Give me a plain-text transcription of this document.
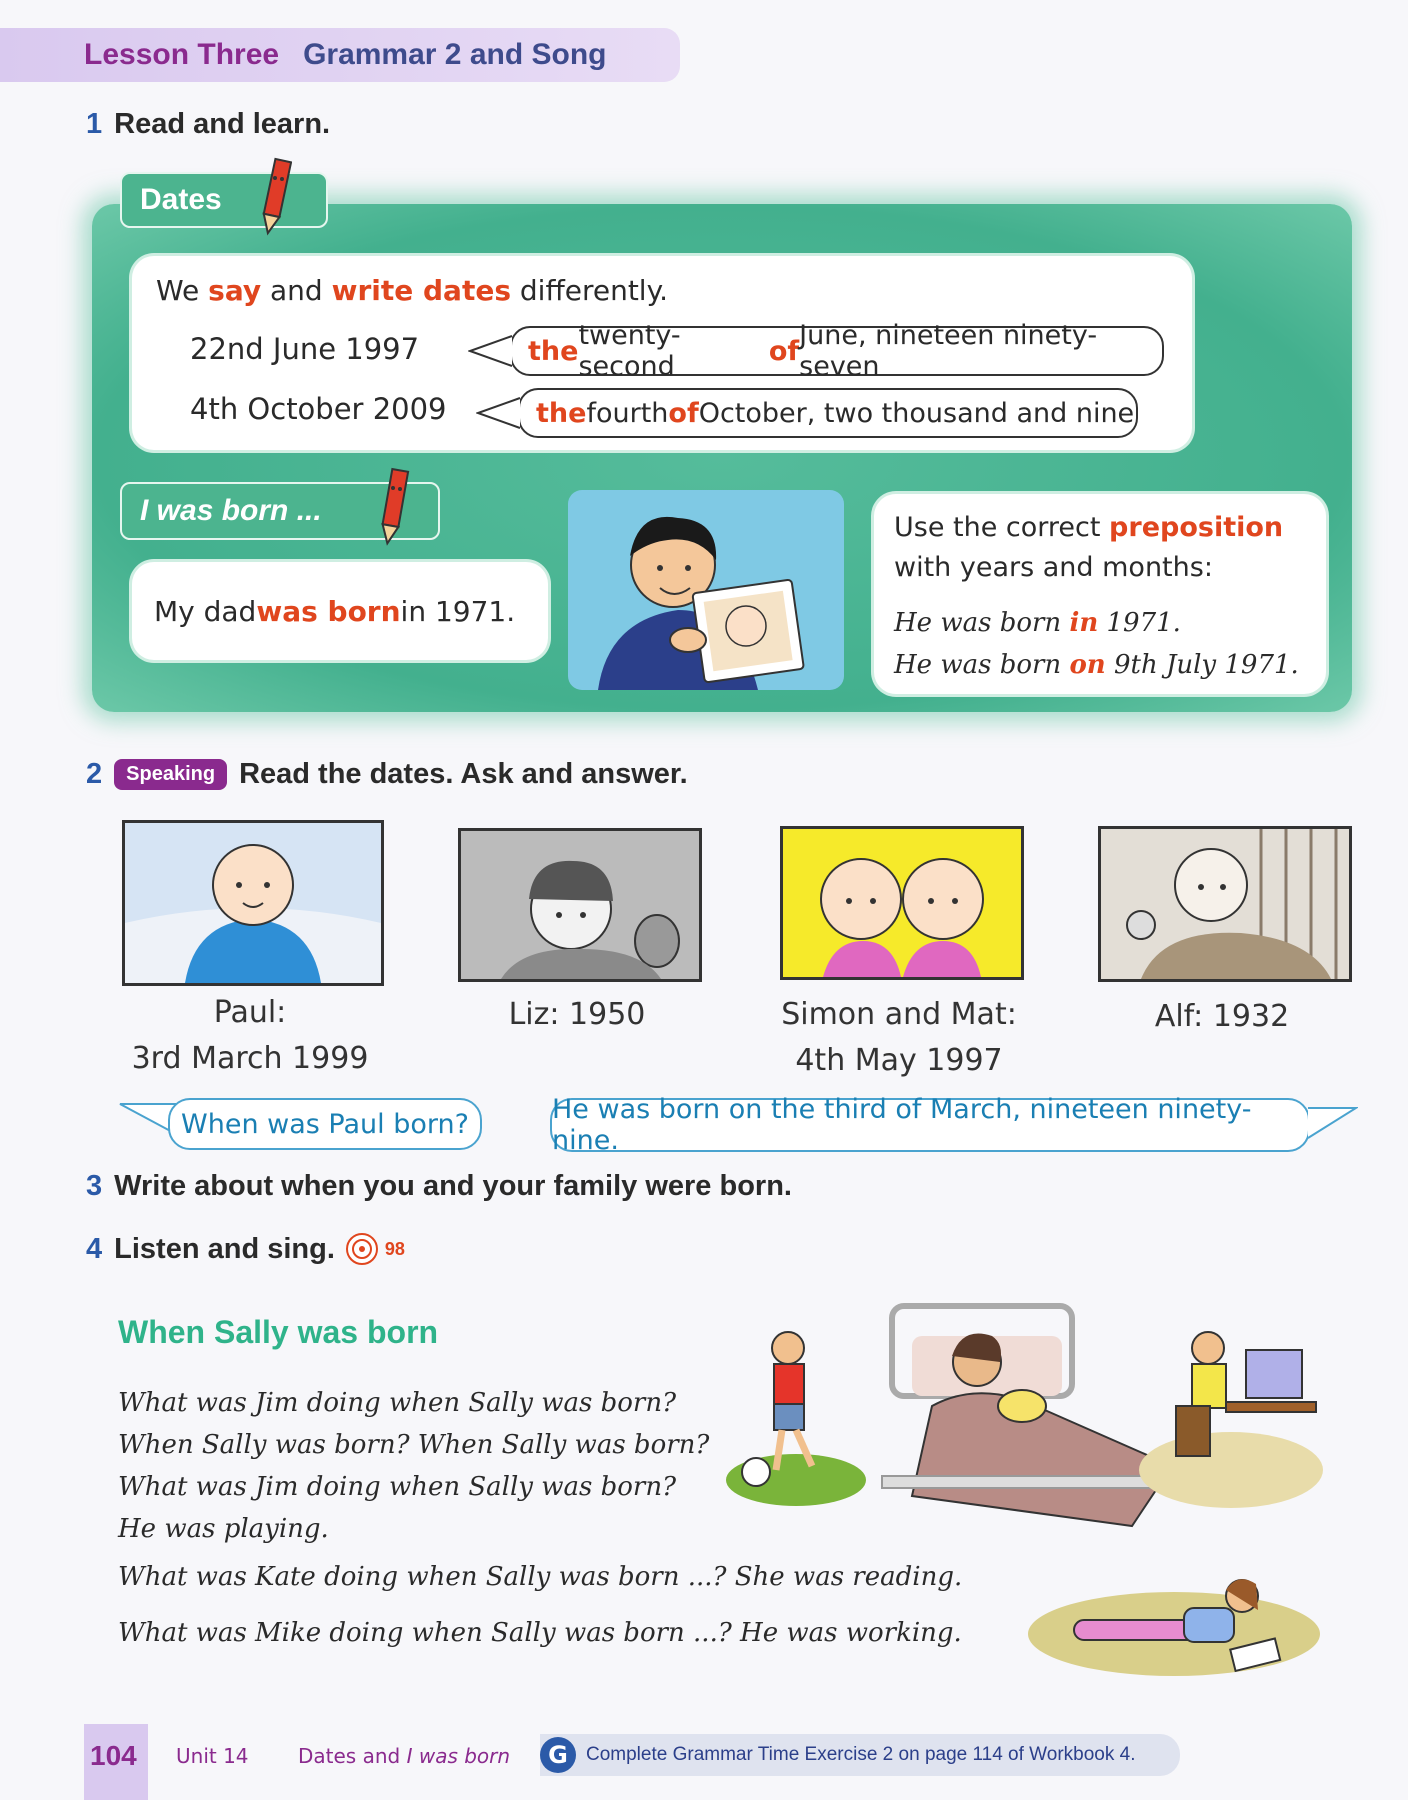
Lesson Three Grammar 2 and Song
1 Read and learn.
Dates
We say and write dates differently.
22nd June 1997	the twenty-second	of June, nineteen ninety-seven
4th October 2009	the fourth of October, two thousand and nine
I was born ...
My dad was born in 1971.
Use the correct preposition
with years and months:
He was born in 1971.
He was born on 9th July 1971.
2	Speaking Read the dates. Ask and answer.
Paul:
3rd March 1999
Liz: 1950	Simon and Mat:
4th May 1997
Alf: 1932
When was Paul born?	He was born on the third of March, nineteen ninety-nine.
3 Write about when you and your family were born.
4 Listen and sing.	98
When Sally was born
What was Jim doing when Sally was born?
When Sally was born? When Sally was born?
What was Jim doing when Sally was born?
He was playing.
What was Kate doing when Sally was born ...? She was reading.
What was Mike doing when Sally was born ...? He was working.
104 Unit 14 Dates and I was born	G Complete Grammar Time Exercise 2 on page 114 of Workbook 4.
